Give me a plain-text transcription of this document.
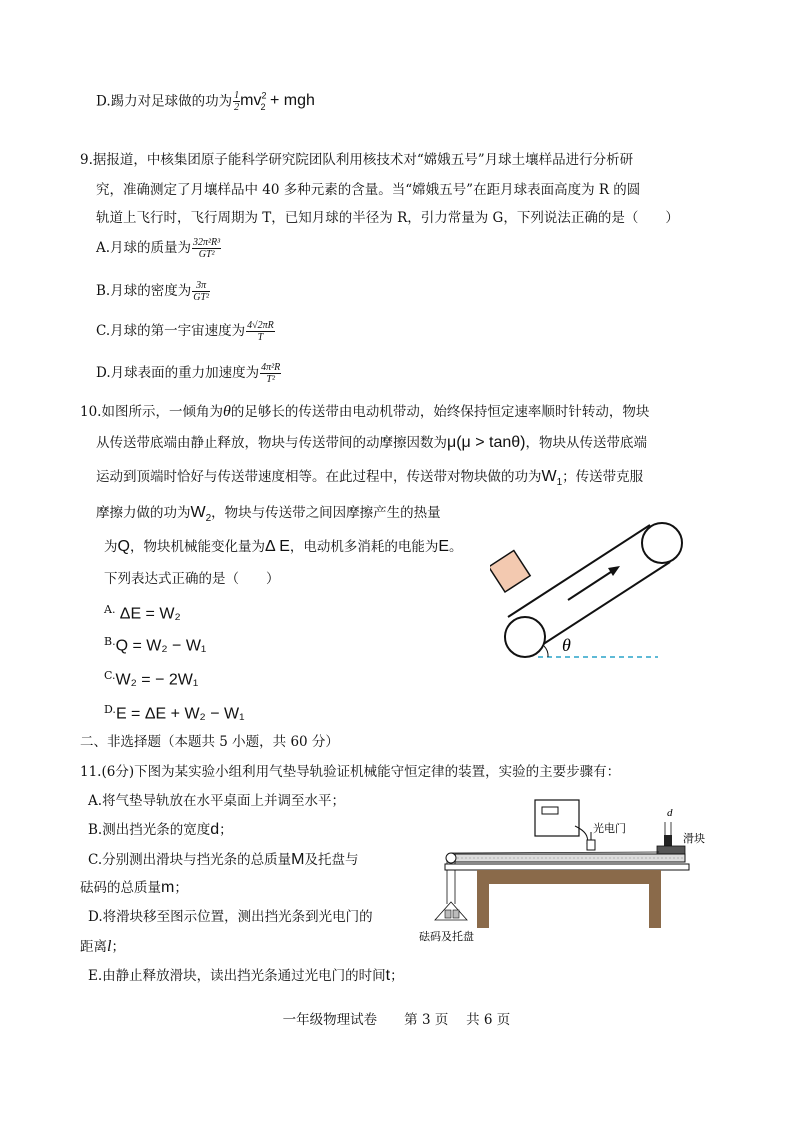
D.踢力对足球做的功为 $\frac{1}{2} mv^2_2$ + mgh
9.据报道，中核集团原子能科学研究院团队利用核技术对“嫦娥五号”月球土壤样品进行分析研
究，准确测定了月壤样品中 40 多种元素的含量。当“嫦娥五号”在距月球表面高度为 R 的圆
轨道上飞行时，飞行周期为 T，已知月球的半径为 R，引力常量为 G，下列说法正确的是（　　）
A.月球的质量为 $\frac{\text{32π²R³}}{\text{GT²}}$
B.月球的密度为 $\frac{3\pi}{\text{GT²}}$
C.月球的第一宇宙速度为 $\frac{4√2\pi R}{T}$
D.月球表面的重力加速度为 $\frac{\text{4π²R}}{\text{T²}}$
10.如图所示，一倾角为θ的足够长的传送带由电动机带动，始终保持恒定速率顺时针转动，物块
从传送带底端由静止释放，物块与传送带间的动摩擦因数为μ(μ > tanθ)，物块从传送带底端
运动到顶端时恰好与传送带速度相等。在此过程中，传送带对物块做的功为$W_1$；传送带克服
摩擦力做的功为$W_2$，物块与传送带之间因摩擦产生的热量
为Q，物块机械能变化量为Δ E，电动机多消耗的电能为E。
下列表达式正确的是（　　）
$^{A.}$ ΔE = W₂
$^{B.}$Q = W₂ − W₁
$^{C.}$W₂ = − 2W₁
$^{D.}$E = ΔE + W₂ − W₁
θ
二、非选择题（本题共 5 小题，共 60 分）
11.(6分)下图为某实验小组利用气垫导轨验证机械能守恒定律的装置，实验的主要步骤有：
A.将气垫导轨放在水平桌面上并调至水平；
B.测出挡光条的宽度d；
C.分别测出滑块与挡光条的总质量M及托盘与
砝码的总质量m；
D.将滑块移至图示位置，测出挡光条到光电门的
距离l；
E.由静止释放滑块，读出挡光条通过光电门的时间t；
光电门
d
滑块
砝码及托盘
一年级物理试卷　　第 3 页　 共 6 页
